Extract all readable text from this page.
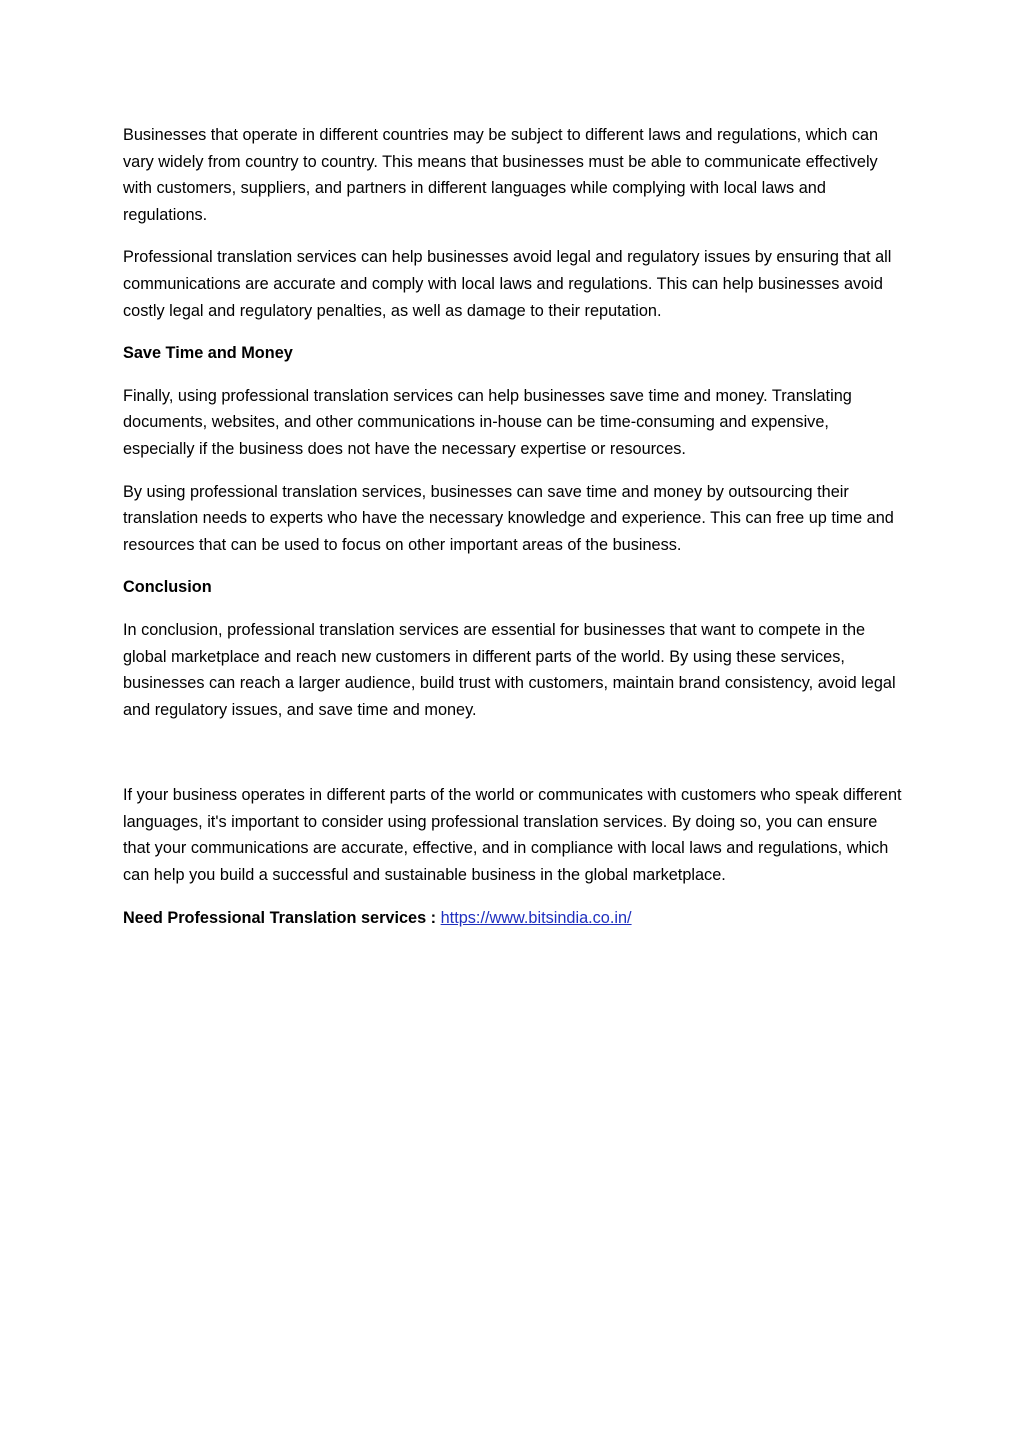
Businesses that operate in different countries may be subject to different laws and regulations, which can vary widely from country to country. This means that businesses must be able to communicate effectively with customers, suppliers, and partners in different languages while complying with local laws and regulations.

Professional translation services can help businesses avoid legal and regulatory issues by ensuring that all communications are accurate and comply with local laws and regulations. This can help businesses avoid costly legal and regulatory penalties, as well as damage to their reputation.

Save Time and Money

Finally, using professional translation services can help businesses save time and money. Translating documents, websites, and other communications in-house can be time-consuming and expensive, especially if the business does not have the necessary expertise or resources.

By using professional translation services, businesses can save time and money by outsourcing their translation needs to experts who have the necessary knowledge and experience. This can free up time and resources that can be used to focus on other important areas of the business.

Conclusion

In conclusion, professional translation services are essential for businesses that want to compete in the global marketplace and reach new customers in different parts of the world. By using these services, businesses can reach a larger audience, build trust with customers, maintain brand consistency, avoid legal and regulatory issues, and save time and money.

If your business operates in different parts of the world or communicates with customers who speak different languages, it's important to consider using professional translation services. By doing so, you can ensure that your communications are accurate, effective, and in compliance with local laws and regulations, which can help you build a successful and sustainable business in the global marketplace.

Need Professional Translation services : https://www.bitsindia.co.in/
